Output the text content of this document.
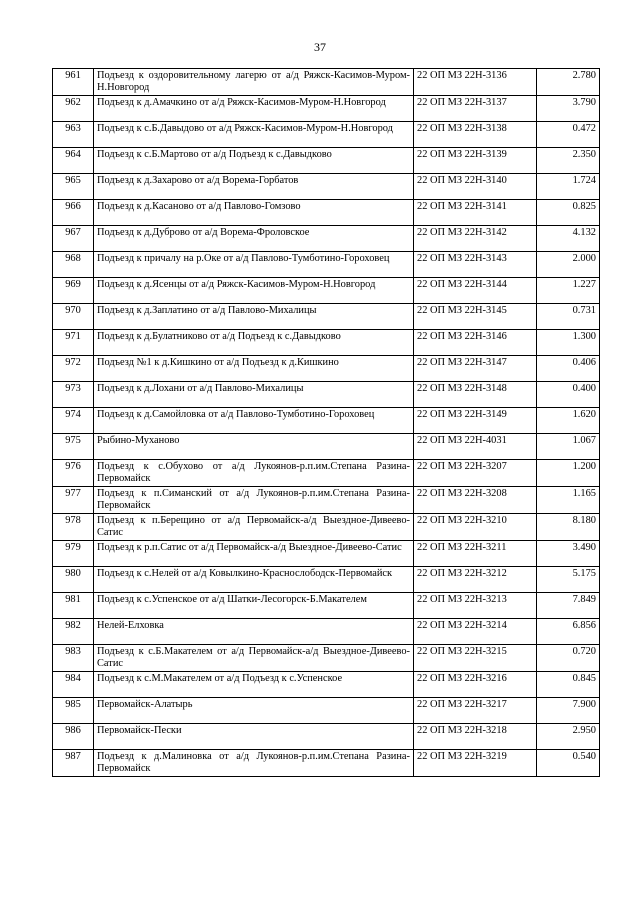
37
961	Подъезд к оздоровительному лагерю от а/д Ряжск-Касимов-Муром-Н.Новгород	22 ОП МЗ 22Н-3136	2.780
962	Подъезд к д.Амачкино от а/д Ряжск-Касимов-Муром-Н.Новгород	22 ОП МЗ 22Н-3137	3.790
963	Подъезд к с.Б.Давыдово от а/д Ряжск-Касимов-Муром-Н.Новгород	22 ОП МЗ 22Н-3138	0.472
964	Подъезд к с.Б.Мартово от а/д Подъезд к с.Давыдково	22 ОП МЗ 22Н-3139	2.350
965	Подъезд к д.Захарово от а/д Ворема-Горбатов	22 ОП МЗ 22Н-3140	1.724
966	Подъезд к д.Касаново от а/д Павлово-Гомзово	22 ОП МЗ 22Н-3141	0.825
967	Подъезд к д.Дуброво от а/д Ворема-Фроловское	22 ОП МЗ 22Н-3142	4.132
968	Подъезд к причалу на р.Оке от а/д Павлово-Тумботино-Гороховец	22 ОП МЗ 22Н-3143	2.000
969	Подъезд к д.Ясенцы от а/д Ряжск-Касимов-Муром-Н.Новгород	22 ОП МЗ 22Н-3144	1.227
970	Подъезд к д.Заплатино от а/д Павлово-Михалицы	22 ОП МЗ 22Н-3145	0.731
971	Подъезд к д.Булатниково от а/д Подъезд к с.Давыдково	22 ОП МЗ 22Н-3146	1.300
972	Подъезд №1 к д.Кишкино от а/д Подъезд к д.Кишкино	22 ОП МЗ 22Н-3147	0.406
973	Подъезд к д.Лохани от а/д Павлово-Михалицы	22 ОП МЗ 22Н-3148	0.400
974	Подъезд к д.Самойловка от а/д Павлово-Тумботино-Гороховец	22 ОП МЗ 22Н-3149	1.620
975	Рыбино-Муханово	22 ОП МЗ 22Н-4031	1.067
976	Подъезд к с.Обухово от а/д Лукоянов-р.п.им.Степана Разина-Первомайск	22 ОП МЗ 22Н-3207	1.200
977	Подъезд к п.Симанский от а/д Лукоянов-р.п.им.Степана Разина-Первомайск	22 ОП МЗ 22Н-3208	1.165
978	Подъезд к п.Берещино от а/д Первомайск-а/д Выездное-Дивеево-Сатис	22 ОП МЗ 22Н-3210	8.180
979	Подъезд к р.п.Сатис от а/д Первомайск-а/д Выездное-Дивеево-Сатис	22 ОП МЗ 22Н-3211	3.490
980	Подъезд к с.Нелей от а/д Ковылкино-Краснослободск-Первомайск	22 ОП МЗ 22Н-3212	5.175
981	Подъезд к с.Успенское от а/д Шатки-Лесогорск-Б.Макателем	22 ОП МЗ 22Н-3213	7.849
982	Нелей-Елховка	22 ОП МЗ 22Н-3214	6.856
983	Подъезд к с.Б.Макателем от а/д Первомайск-а/д Выездное-Дивеево-Сатис	22 ОП МЗ 22Н-3215	0.720
984	Подъезд к с.М.Макателем от а/д Подъезд к с.Успенское	22 ОП МЗ 22Н-3216	0.845
985	Первомайск-Алатырь	22 ОП МЗ 22Н-3217	7.900
986	Первомайск-Пески	22 ОП МЗ 22Н-3218	2.950
987	Подъезд к д.Малиновка от а/д Лукоянов-р.п.им.Степана Разина-Первомайск	22 ОП МЗ 22Н-3219	0.540
